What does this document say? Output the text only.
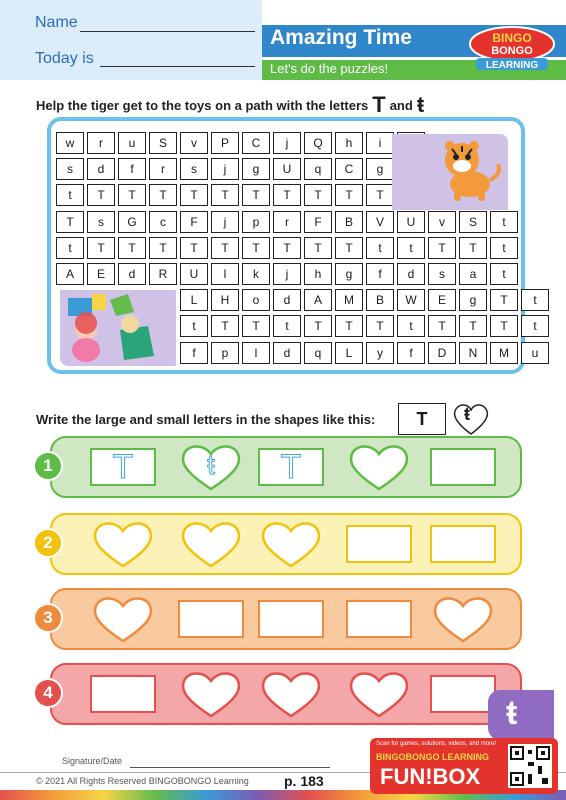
Name
Today is
Amazing Time
Let's do the puzzles!
BINGO
BONGO
LEARNING
Help the tiger get to the toys on a path with the letters T and ŧ
w	r	u	S	v	P	C	j	Q	h	i
s	d	f	r	s	j	g	U	q	C	g
t	T	T	T	T	T	T	T	T	T	T
T	s	G	c	F	j	p	r	F	B	V	U	v	S	t
t	T	T	T	T	T	T	T	T	T	t	t	T	T	t
A	E	d	R	U	l	k	j	h	g	f	d	s	a	t
L	H	o	d	A	M	B	W	E	g	T	t
t	T	T	t	T	T	T	t	T	T	T	t
f	p	l	d	q	L	y	f	D	N	M	u
Write the large and small letters in the shapes like this:	T	ŧ
1	T	ŧ	T
2
3
4
ŧ
Signature/Date
© 2021 All Rights Reserved BINGOBONGO Learning	p. 183
Scan for games, solutions, videos, and more!
BINGOBONGO LEARNING
FUN!BOX
